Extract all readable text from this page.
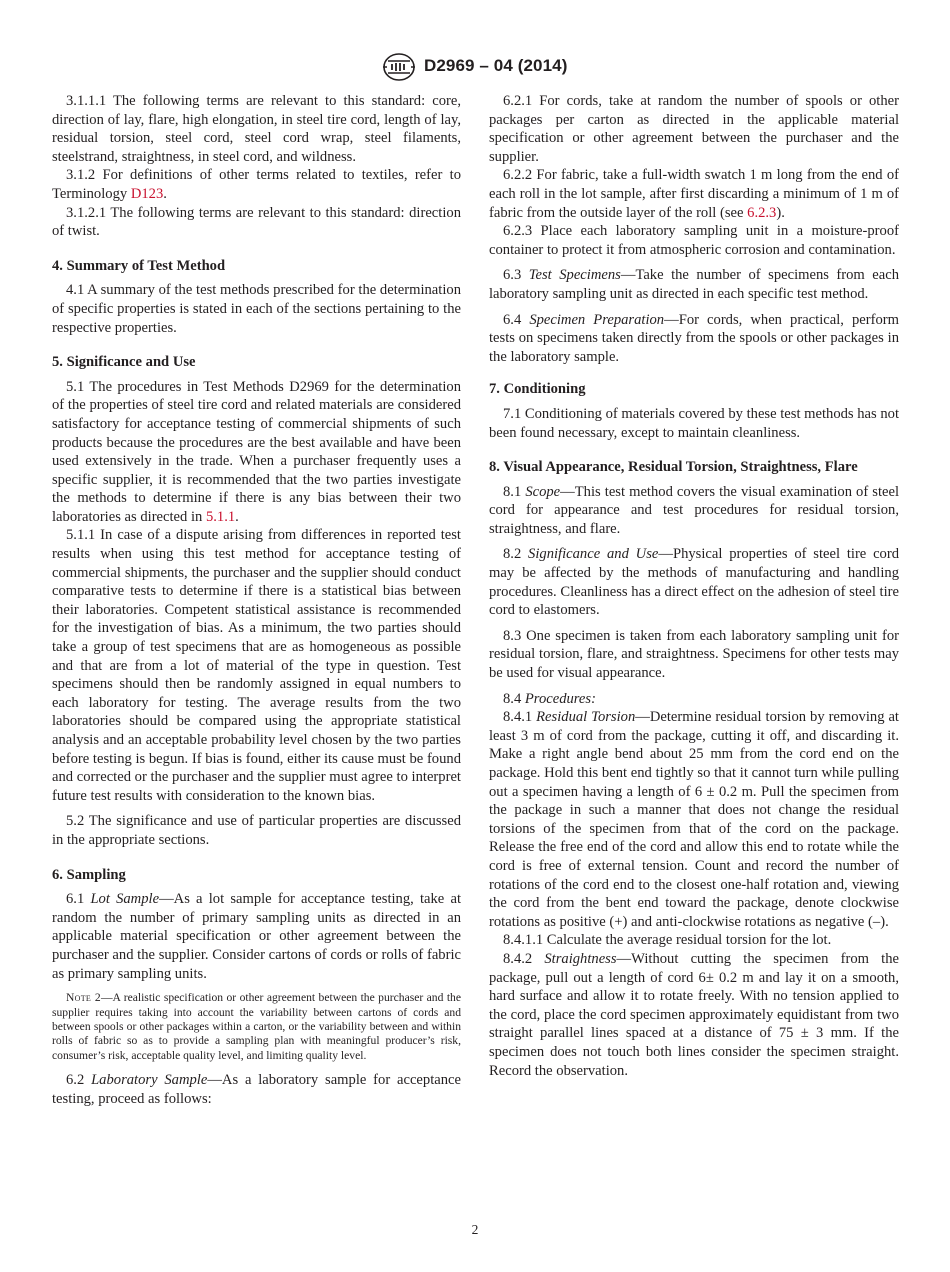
D2969 – 04 (2014)

3.1.1.1 The following terms are relevant to this standard: core, direction of lay, flare, high elongation, in steel tire cord, length of lay, residual torsion, steel cord, steel cord wrap, steel filaments, steelstrand, straightness, in steel cord, and wildness.

3.1.2 For definitions of other terms related to textiles, refer to Terminology D123.

3.1.2.1 The following terms are relevant to this standard: direction of twist.

4. Summary of Test Method

4.1 A summary of the test methods prescribed for the determination of specific properties is stated in each of the sections pertaining to the respective properties.

5. Significance and Use

5.1 The procedures in Test Methods D2969 for the determination of the properties of steel tire cord and related materials are considered satisfactory for acceptance testing of commercial shipments of such products because the procedures are the best available and have been used extensively in the trade. When a purchaser frequently uses a specific supplier, it is recommended that the two parties investigate the methods to determine if there is any bias between their two laboratories as directed in 5.1.1.

5.1.1 In case of a dispute arising from differences in reported test results when using this test method for acceptance testing of commercial shipments, the purchaser and the supplier should conduct comparative tests to determine if there is a statistical bias between their laboratories. Competent statistical assistance is recommended for the investigation of bias. As a minimum, the two parties should take a group of test specimens that are as homogeneous as possible and that are from a lot of material of the type in question. Test specimens should then be randomly assigned in equal numbers to each laboratory for testing. The average results from the two laboratories should be compared using the appropriate statistical analysis and an acceptable probability level chosen by the two parties before testing is begun. If bias is found, either its cause must be found and corrected or the purchaser and the supplier must agree to interpret future test results with consideration to the known bias.

5.2 The significance and use of particular properties are discussed in the appropriate sections.

6. Sampling

6.1 Lot Sample—As a lot sample for acceptance testing, take at random the number of primary sampling units as directed in an applicable material specification or other agreement between the purchaser and the supplier. Consider cartons of cords or rolls of fabric as primary sampling units.

Note 2—A realistic specification or other agreement between the purchaser and the supplier requires taking into account the variability between cartons of cords and between spools or other packages within a carton, or the variability between and within rolls of fabric so as to provide a sampling plan with meaningful producer’s risk, consumer’s risk, acceptable quality level, and limiting quality level.

6.2 Laboratory Sample—As a laboratory sample for acceptance testing, proceed as follows:

6.2.1 For cords, take at random the number of spools or other packages per carton as directed in the applicable material specification or other agreement between the purchaser and the supplier.

6.2.2 For fabric, take a full-width swatch 1 m long from the end of each roll in the lot sample, after first discarding a minimum of 1 m of fabric from the outside layer of the roll (see 6.2.3).

6.2.3 Place each laboratory sampling unit in a moisture-proof container to protect it from atmospheric corrosion and contamination.

6.3 Test Specimens—Take the number of specimens from each laboratory sampling unit as directed in each specific test method.

6.4 Specimen Preparation—For cords, when practical, perform tests on specimens taken directly from the spools or other packages in the laboratory sample.

7. Conditioning

7.1 Conditioning of materials covered by these test methods has not been found necessary, except to maintain cleanliness.

8. Visual Appearance, Residual Torsion, Straightness, Flare

8.1 Scope—This test method covers the visual examination of steel cord for appearance and test procedures for residual torsion, straightness, and flare.

8.2 Significance and Use—Physical properties of steel tire cord may be affected by the methods of manufacturing and handling procedures. Cleanliness has a direct effect on the adhesion of steel tire cord to elastomers.

8.3 One specimen is taken from each laboratory sampling unit for residual torsion, flare, and straightness. Specimens for other tests may be used for visual appearance.

8.4 Procedures:

8.4.1 Residual Torsion—Determine residual torsion by removing at least 3 m of cord from the package, cutting it off, and discarding it. Make a right angle bend about 25 mm from the cord end on the package. Hold this bent end tightly so that it cannot turn while pulling out a specimen having a length of 6 ± 0.2 m. Pull the specimen from the package in such a manner that does not change the residual torsions of the specimen from that of the cord on the package. Release the free end of the cord and allow this end to rotate while the cord is free of external tension. Count and record the number of rotations of the cord end to the closest one-half rotation and, viewing the cord from the bent end toward the package, denote clockwise rotations as positive (+) and anti-clockwise rotations as negative (–).

8.4.1.1 Calculate the average residual torsion for the lot.

8.4.2 Straightness—Without cutting the specimen from the package, pull out a length of cord 6± 0.2 m and lay it on a smooth, hard surface and allow it to rotate freely. With no tension applied to the cord, place the cord specimen approximately equidistant from two straight parallel lines spaced at a distance of 75 ± 3 mm. If the specimen does not touch both lines consider the specimen straight. Record the observation.

2
